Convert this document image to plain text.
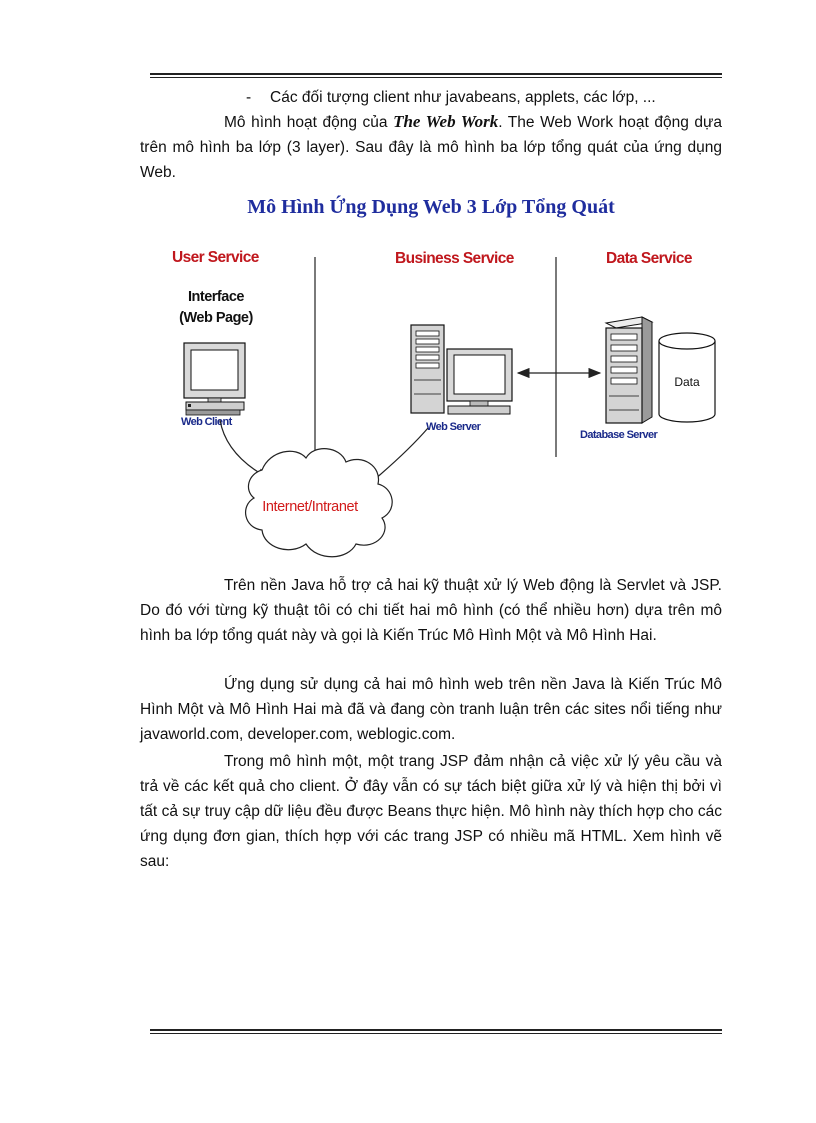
- Các đối tượng client như javabeans, applets, các lớp, ...
Mô hình hoạt động của The Web Work. The Web Work hoạt động dựa trên mô hình ba lớp (3 layer). Sau đây là mô hình ba lớp tổng quát của ứng dụng Web.
Mô Hình Ứng Dụng Web 3 Lớp Tổng Quát
User Service	Business Service	Data Service
Interface
(Web Page)
Web Client	Web Server
Data
Database Server
Internet/Intranet
Trên nền Java hỗ trợ cả hai kỹ thuật xử lý Web động là Servlet và JSP. Do đó với từng kỹ thuật tôi có chi tiết hai mô hình (có thể nhiều hơn) dựa trên mô hình ba lớp tổng quát này và gọi là Kiến Trúc Mô Hình Một và Mô Hình Hai.
Ứng dụng sử dụng cả hai mô hình web trên nền Java là Kiến Trúc Mô Hình Một và Mô Hình Hai mà đã và đang còn tranh luận trên các sites nổi tiếng như javaworld.com, developer.com, weblogic.com.
Trong mô hình một, một trang JSP đảm nhận cả việc xử lý yêu cầu và trả về các kết quả cho client. Ở đây vẫn có sự tách biệt giữa xử lý và hiện thị bởi vì tất cả sự truy cập dữ liệu đều được Beans thực hiện. Mô hình này thích hợp cho các ứng dụng đơn gian, thích hợp với các trang JSP có nhiều mã HTML. Xem hình vẽ sau:
